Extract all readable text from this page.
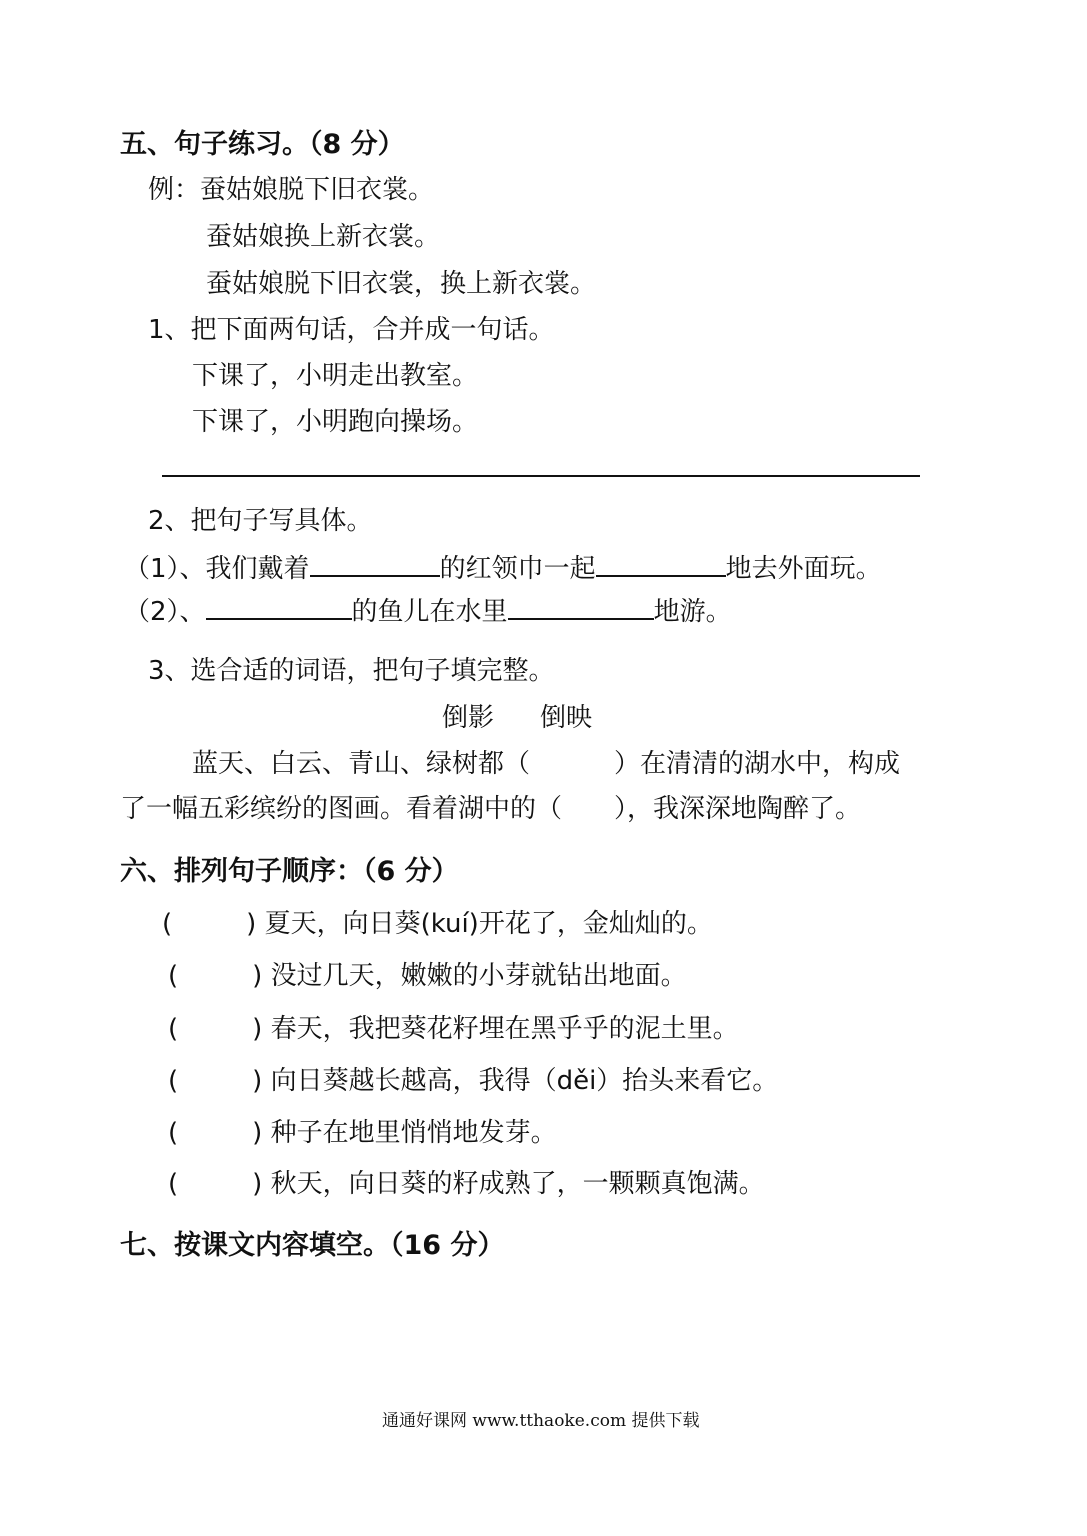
五、句子练习。（8 分）
例：蚕姑娘脱下旧衣裳。
蚕姑娘换上新衣裳。
蚕姑娘脱下旧衣裳，换上新衣裳。
1、把下面两句话，合并成一句话。
下课了，小明走出教室。
下课了，小明跑向操场。
2、把句子写具体。
（1）、我们戴着	的红领巾一起	地去外面玩。
（2）、	的鱼儿在水里	地游。
3、选合适的词语，把句子填完整。
倒影 倒映
蓝天、白云、青山、绿树都（	）在清清的湖水中，构成
了一幅五彩缤纷的图画。看着湖中的（ ），我深深地陶醉了。
六、排列句子顺序：（6 分）
(	) 夏天，向日葵(kuí)开花了，金灿灿的。
(	) 没过几天，嫩嫩的小芽就钻出地面。
(	) 春天，我把葵花籽埋在黑乎乎的泥土里。
(	) 向日葵越长越高，我得（děi）抬头来看它。
(	) 种子在地里悄悄地发芽。
(	) 秋天，向日葵的籽成熟了，一颗颗真饱满。
七、按课文内容填空。（16 分）
通通好课网 www.tthaoke.com 提供下载
